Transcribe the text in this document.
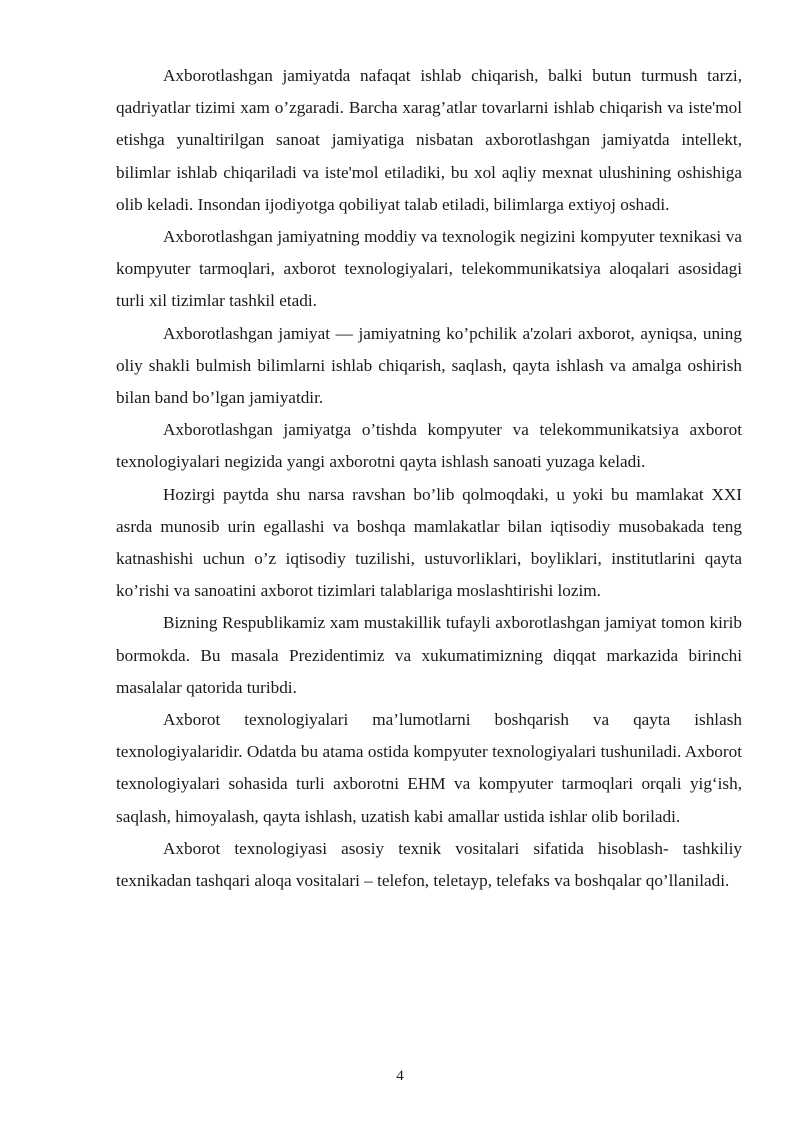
Axborotlashgan jamiyatda nafaqat ishlab chiqarish, balki butun turmush tarzi, qadriyatlar tizimi xam o’zgaradi. Barcha xarag’atlar tovarlarni ishlab chiqarish va iste'mol etishga yunaltirilgan sanoat jamiyatiga nisbatan axborotlashgan jamiyatda intellekt, bilimlar ishlab chiqariladi va iste'mol etiladiki, bu xol aqliy mexnat ulushining oshishiga olib keladi. Insondan ijodiyotga qobiliyat talab etiladi, bilimlarga extiyoj oshadi.

Axborotlashgan jamiyatning moddiy va texnologik negizini kompyuter texnikasi va kompyuter tarmoqlari, axborot texnologiyalari, telekommunikatsiya aloqalari asosidagi turli xil tizimlar tashkil etadi.

Axborotlashgan jamiyat — jamiyatning ko’pchilik a'zolari axborot, ayniqsa, uning oliy shakli bulmish bilimlarni ishlab chiqarish, saqlash, qayta ishlash va amalga oshirish bilan band bo’lgan jamiyatdir.

Axborotlashgan jamiyatga o’tishda kompyuter va telekommunikatsiya axborot texnologiyalari negizida yangi axborotni qayta ishlash sanoati yuzaga keladi.

Hozirgi paytda shu narsa ravshan bo’lib qolmoqdaki, u yoki bu mamlakat XXI asrda munosib urin egallashi va boshqa mamlakatlar bilan iqtisodiy musobakada teng katnashishi uchun o’z iqtisodiy tuzilishi, ustuvorliklari, boyliklari, institutlarini qayta ko’rishi va sanoatini axborot tizimlari talablariga moslashtirishi lozim.

Bizning Respublikamiz xam mustakillik tufayli axborotlashgan jamiyat tomon kirib bormokda. Bu masala Prezidentimiz va xukumatimizning diqqat markazida birinchi masalalar qatorida turibdi.

Axborot texnologiyalari ma’lumotlarni boshqarish va qayta ishlash texnologiyalaridir. Odatda bu atama ostida kompyuter texnologiyalari tushuniladi. Axborot texnologiyalari sohasida turli axborotni EHM va kompyuter tarmoqlari orqali yig‘ish, saqlash, himoyalash, qayta ishlash, uzatish kabi amallar ustida ishlar olib boriladi.

Axborot texnologiyasi asosiy texnik vositalari sifatida hisoblash- tashkiliy texnikadan tashqari aloqa vositalari – telefon, teletayp, telefaks va boshqalar qo’llaniladi.

4
